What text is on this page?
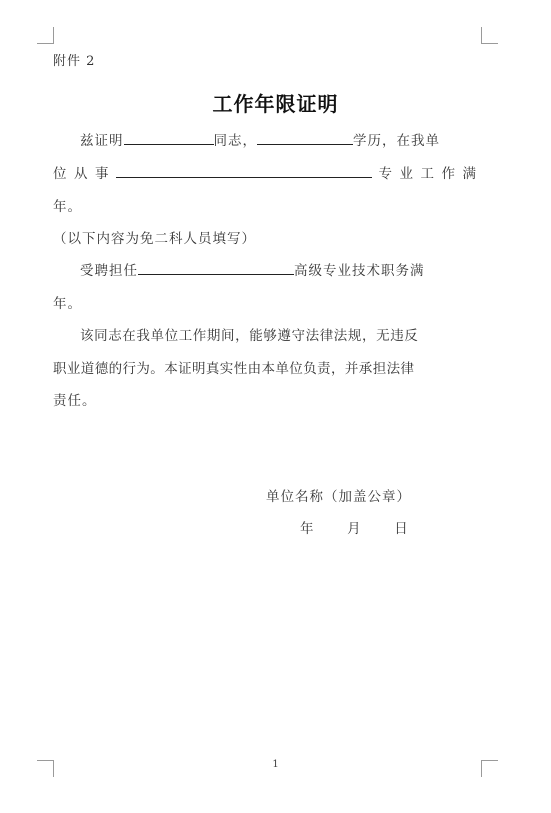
附件 2
工作年限证明
兹证明	同志，	学历，在我单
位 从 事	专 业 工 作 满
年。
（以下内容为免二科人员填写）
受聘担任	高级专业技术职务满
年。
该同志在我单位工作期间，能够遵守法律法规，无违反
职业道德的行为。本证明真实性由本单位负责，并承担法律
责任。
单位名称（加盖公章）
年 月 日
1
